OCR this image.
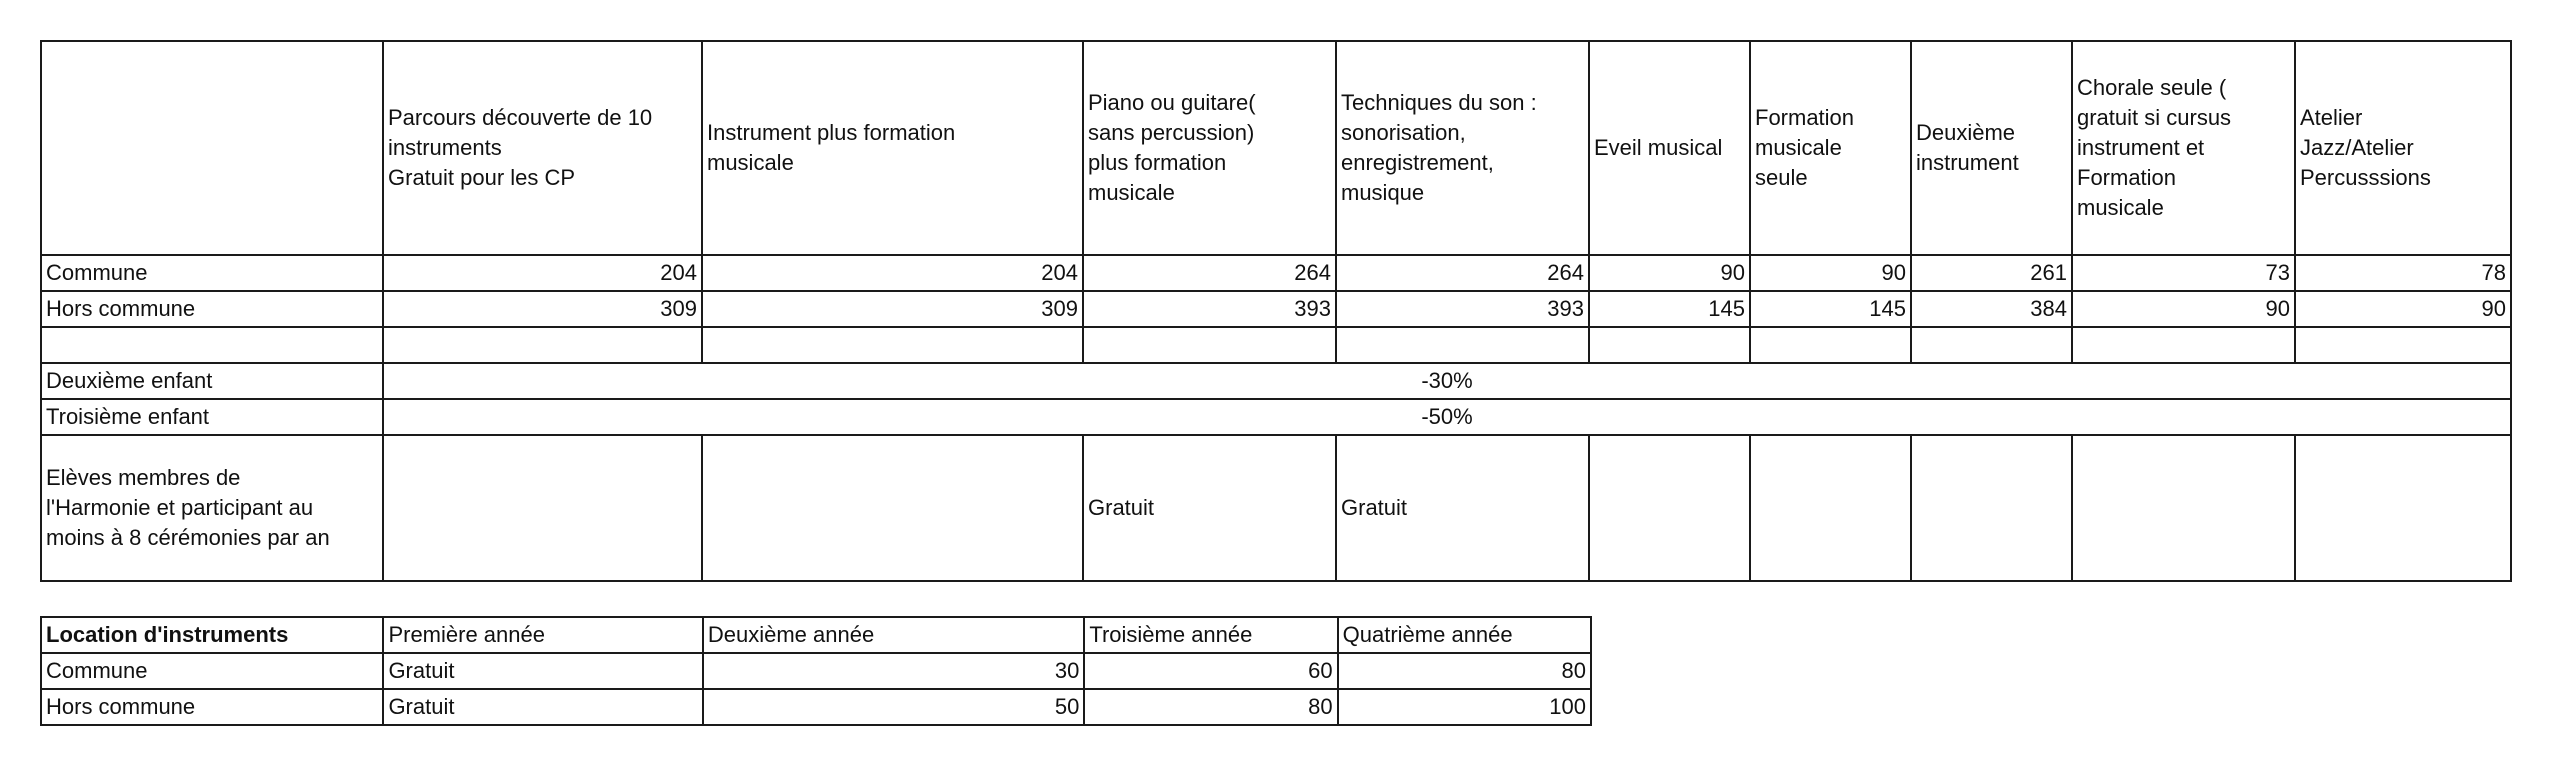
	Parcours découverte de 10
instruments
Gratuit pour les CP	Instrument plus formation
musicale	Piano ou guitare(
sans percussion)
plus formation
musicale	Techniques du son :
sonorisation,
enregistrement,
musique	Eveil musical	Formation
musicale
seule	Deuxième
instrument	Chorale seule (
gratuit si cursus
instrument et
Formation
musicale	Atelier
Jazz/Atelier
Percusssions

Commune	204	204	264	264	90	90	261	73	78
Hors commune	309	309	393	393	145	145	384	90	90

Deuxième enfant	-30%								
Troisième enfant	-50%								

Elèves membres de
l'Harmonie et participant au
moins à 8 cérémonies par an			Gratuit	Gratuit					
Location d'instruments	Première année	Deuxième année	Troisième année	Quatrième année
Commune	Gratuit	30	60	80
Hors commune	Gratuit	50	80	100
